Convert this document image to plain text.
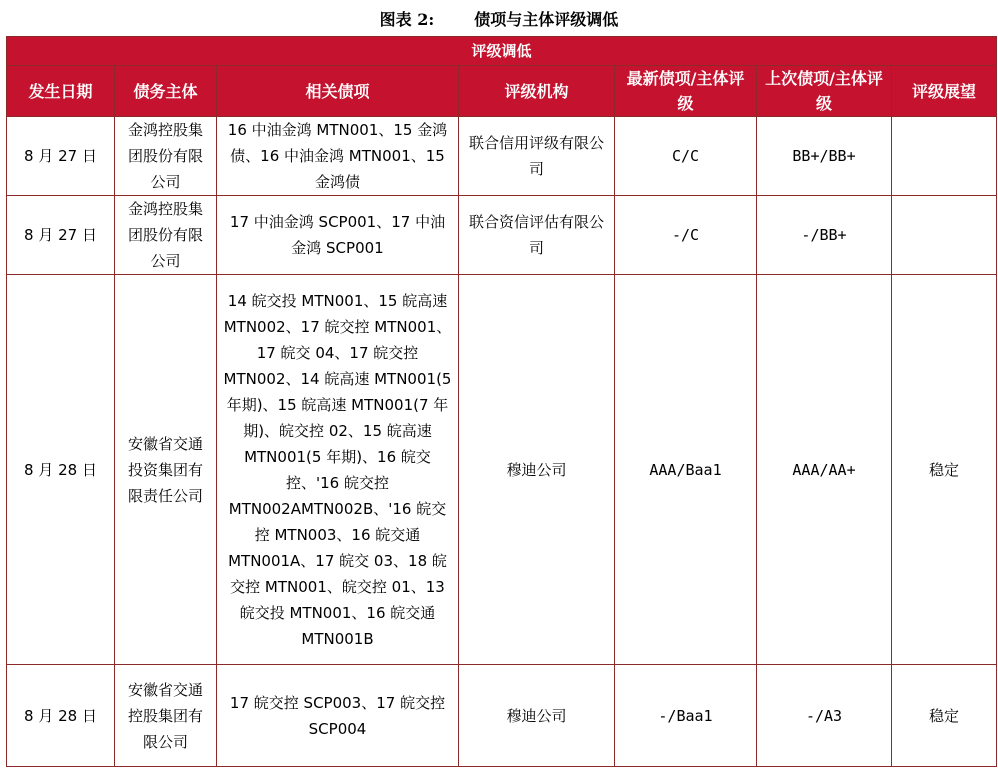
图表 2:	债项与主体评级调低
评级调低						
发生日期	债务主体	相关债项	评级机构	最新债项/主体评级	上次债项/主体评级	评级展望
8 月 27 日	金鸿控股集团股份有限公司	16 中油金鸿 MTN001、15 金鸿债、16 中油金鸿 MTN001、15 金鸿债	联合信用评级有限公司	C/C	BB+/BB+	
8 月 27 日	金鸿控股集团股份有限公司	17 中油金鸿 SCP001、17 中油金鸿 SCP001	联合资信评估有限公司	-/C	-/BB+	
8 月 28 日	安徽省交通投资集团有限责任公司	14 皖交投 MTN001、15 皖高速 MTN002、17 皖交控 MTN001、17 皖交 04、17 皖交控 MTN002、14 皖高速 MTN001(5 年期)、15 皖高速 MTN001(7 年期)、皖交控 02、15 皖高速 MTN001(5 年期)、16 皖交控、'16 皖交控 MTN002AMTN002B、'16 皖交控 MTN003、16 皖交通 MTN001A、17 皖交 03、18 皖交控 MTN001、皖交控 01、13 皖交投 MTN001、16 皖交通 MTN001B	穆迪公司	AAA/Baa1	AAA/AA+	稳定
8 月 28 日	安徽省交通控股集团有限公司	17 皖交控 SCP003、17 皖交控 SCP004	穆迪公司	-/Baa1	-/A3	稳定
